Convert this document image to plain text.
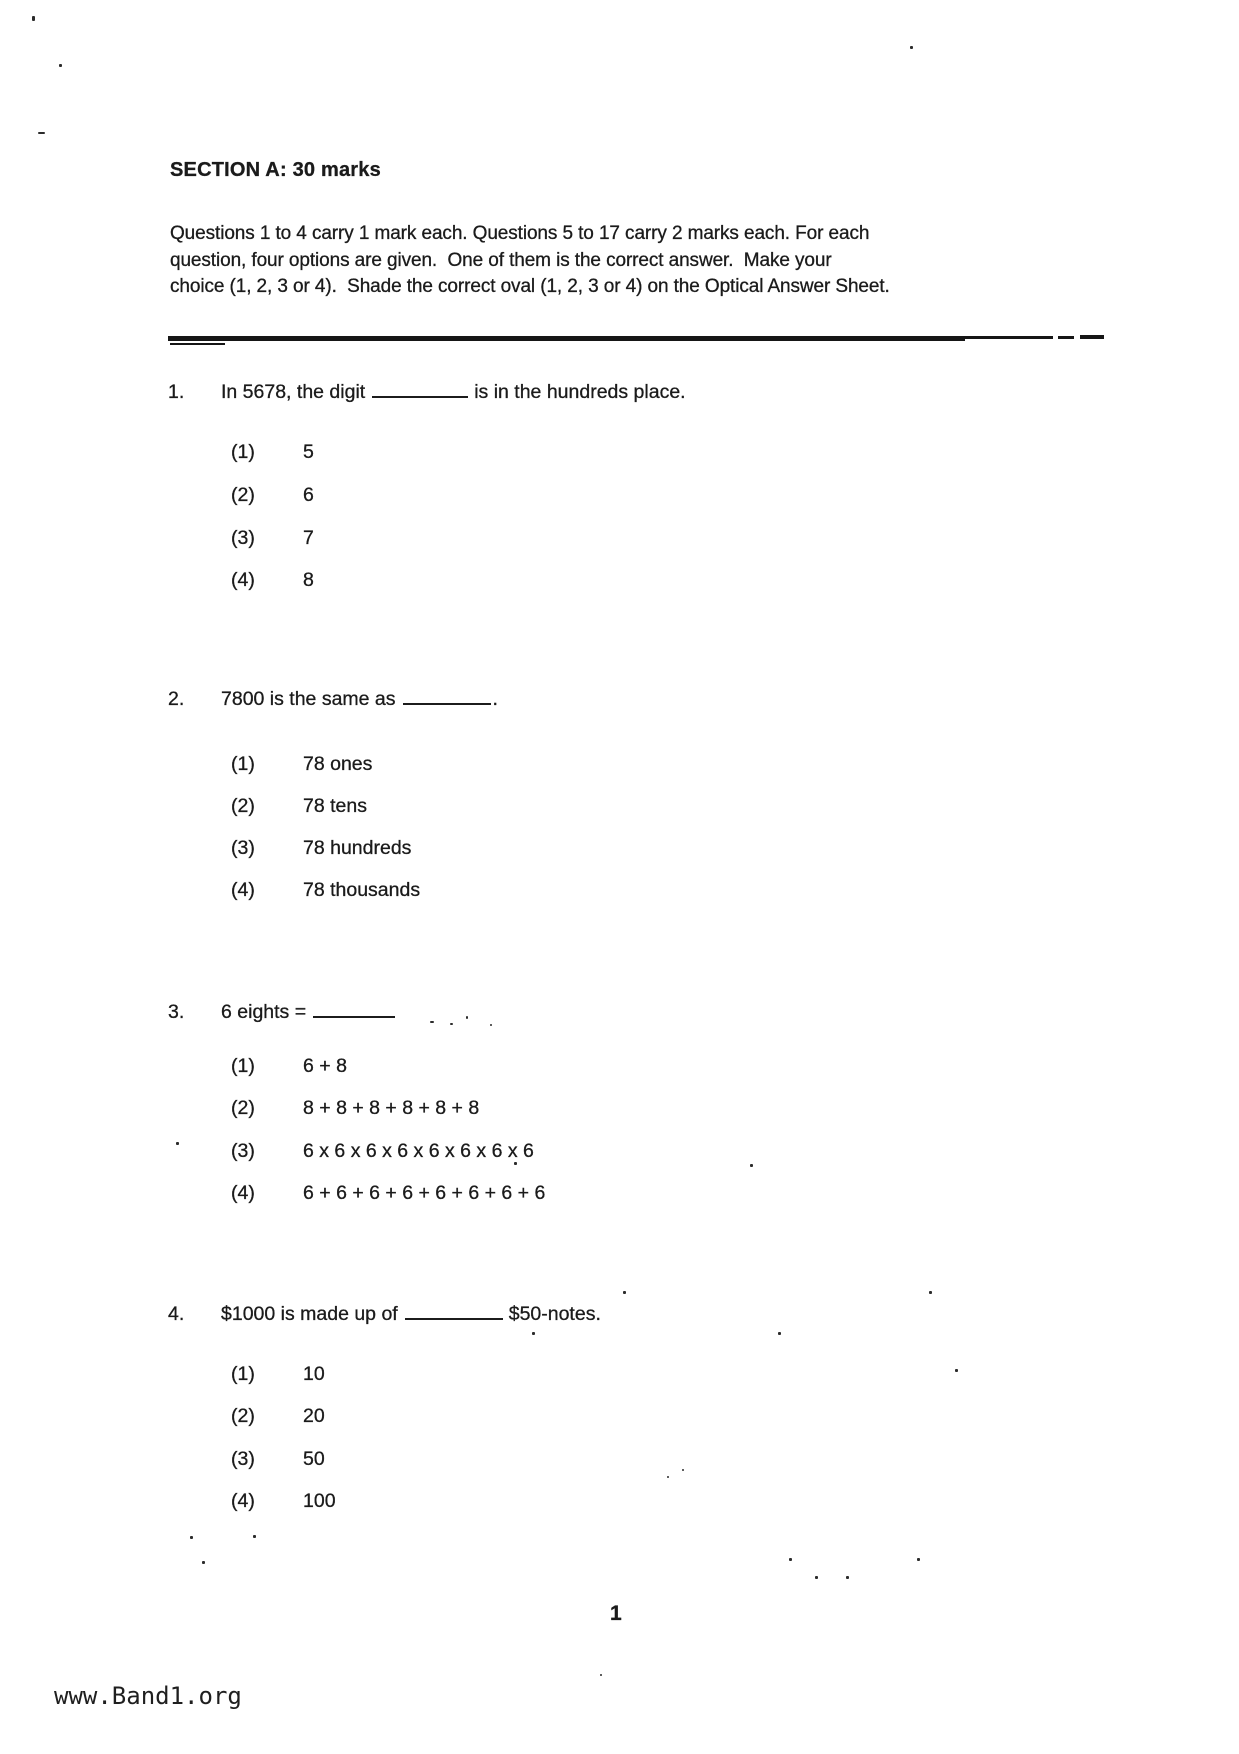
SECTION A: 30 marks
Questions 1 to 4 carry 1 mark each. Questions 5 to 17 carry 2 marks each. For each
question, four options are given.  One of them is the correct answer.  Make your
choice (1, 2, 3 or 4).  Shade the correct oval (1, 2, 3 or 4) on the Optical Answer Sheet.
1. In 5678, the digit	is in the hundreds place.
(1) 5
(2) 6
(3) 7
(4) 8
2. 7800 is the same as	.
(1) 78 ones
(2) 78 tens
(3) 78 hundreds
(4) 78 thousands
3. 6 eights =
(1) 6 + 8
(2) 8 + 8 + 8 + 8 + 8 + 8
(3) 6 x 6 x 6 x 6 x 6 x 6 x 6 x 6
(4) 6 + 6 + 6 + 6 + 6 + 6 + 6 + 6
4. $1000 is made up of	$50-notes.
(1) 10
(2) 20
(3) 50
(4) 100
1
www.Band1.org
